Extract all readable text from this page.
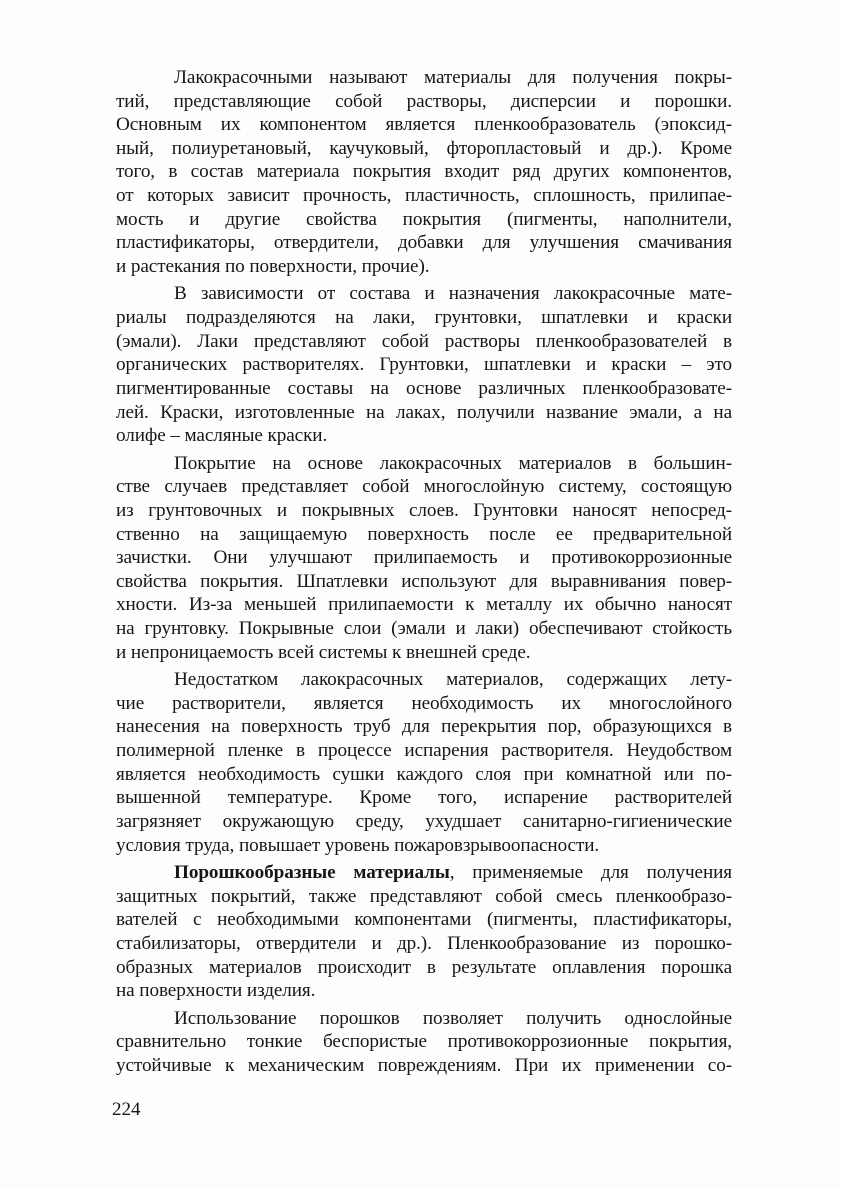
Лакокрасочными называют материалы для получения покры-
тий, представляющие собой растворы, дисперсии и порошки.
Основным их компонентом является пленкообразователь (эпоксид-
ный, полиуретановый, каучуковый, фторопластовый и др.). Кроме
того, в состав материала покрытия входит ряд других компонентов,
от которых зависит прочность, пластичность, сплошность, прилипае-
мость и другие свойства покрытия (пигменты, наполнители,
пластификаторы, отвердители, добавки для улучшения смачивания
и растекания по поверхности, прочие).
В зависимости от состава и назначения лакокрасочные мате-
риалы подразделяются на лаки, грунтовки, шпатлевки и краски
(эмали). Лаки представляют собой растворы пленкообразователей в
органических растворителях. Грунтовки, шпатлевки и краски – это
пигментированные составы на основе различных пленкообразовате-
лей. Краски, изготовленные на лаках, получили название эмали, а на
олифе – масляные краски.
Покрытие на основе лакокрасочных материалов в большин-
стве случаев представляет собой многослойную систему, состоящую
из грунтовочных и покрывных слоев. Грунтовки наносят непосред-
ственно на защищаемую поверхность после ее предварительной
зачистки. Они улучшают прилипаемость и противокоррозионные
свойства покрытия. Шпатлевки используют для выравнивания повер-
хности. Из-за меньшей прилипаемости к металлу их обычно наносят
на грунтовку. Покрывные слои (эмали и лаки) обеспечивают стойкость
и непроницаемость всей системы к внешней среде.
Недостатком лакокрасочных материалов, содержащих лету-
чие растворители, является необходимость их многослойного
нанесения на поверхность труб для перекрытия пор, образующихся в
полимерной пленке в процессе испарения растворителя. Неудобством
является необходимость сушки каждого слоя при комнатной или по-
вышенной температуре. Кроме того, испарение растворителей
загрязняет окружающую среду, ухудшает санитарно-гигиенические
условия труда, повышает уровень пожаровзрывоопасности.
Порошкообразные материалы, применяемые для получения
защитных покрытий, также представляют собой смесь пленкообразо-
вателей с необходимыми компонентами (пигменты, пластификаторы,
стабилизаторы, отвердители и др.). Пленкообразование из порошко-
образных материалов происходит в результате оплавления порошка
на поверхности изделия.
Использование порошков позволяет получить однослойные
сравнительно тонкие беспористые противокоррозионные покрытия,
устойчивые к механическим повреждениям. При их применении со-
224
